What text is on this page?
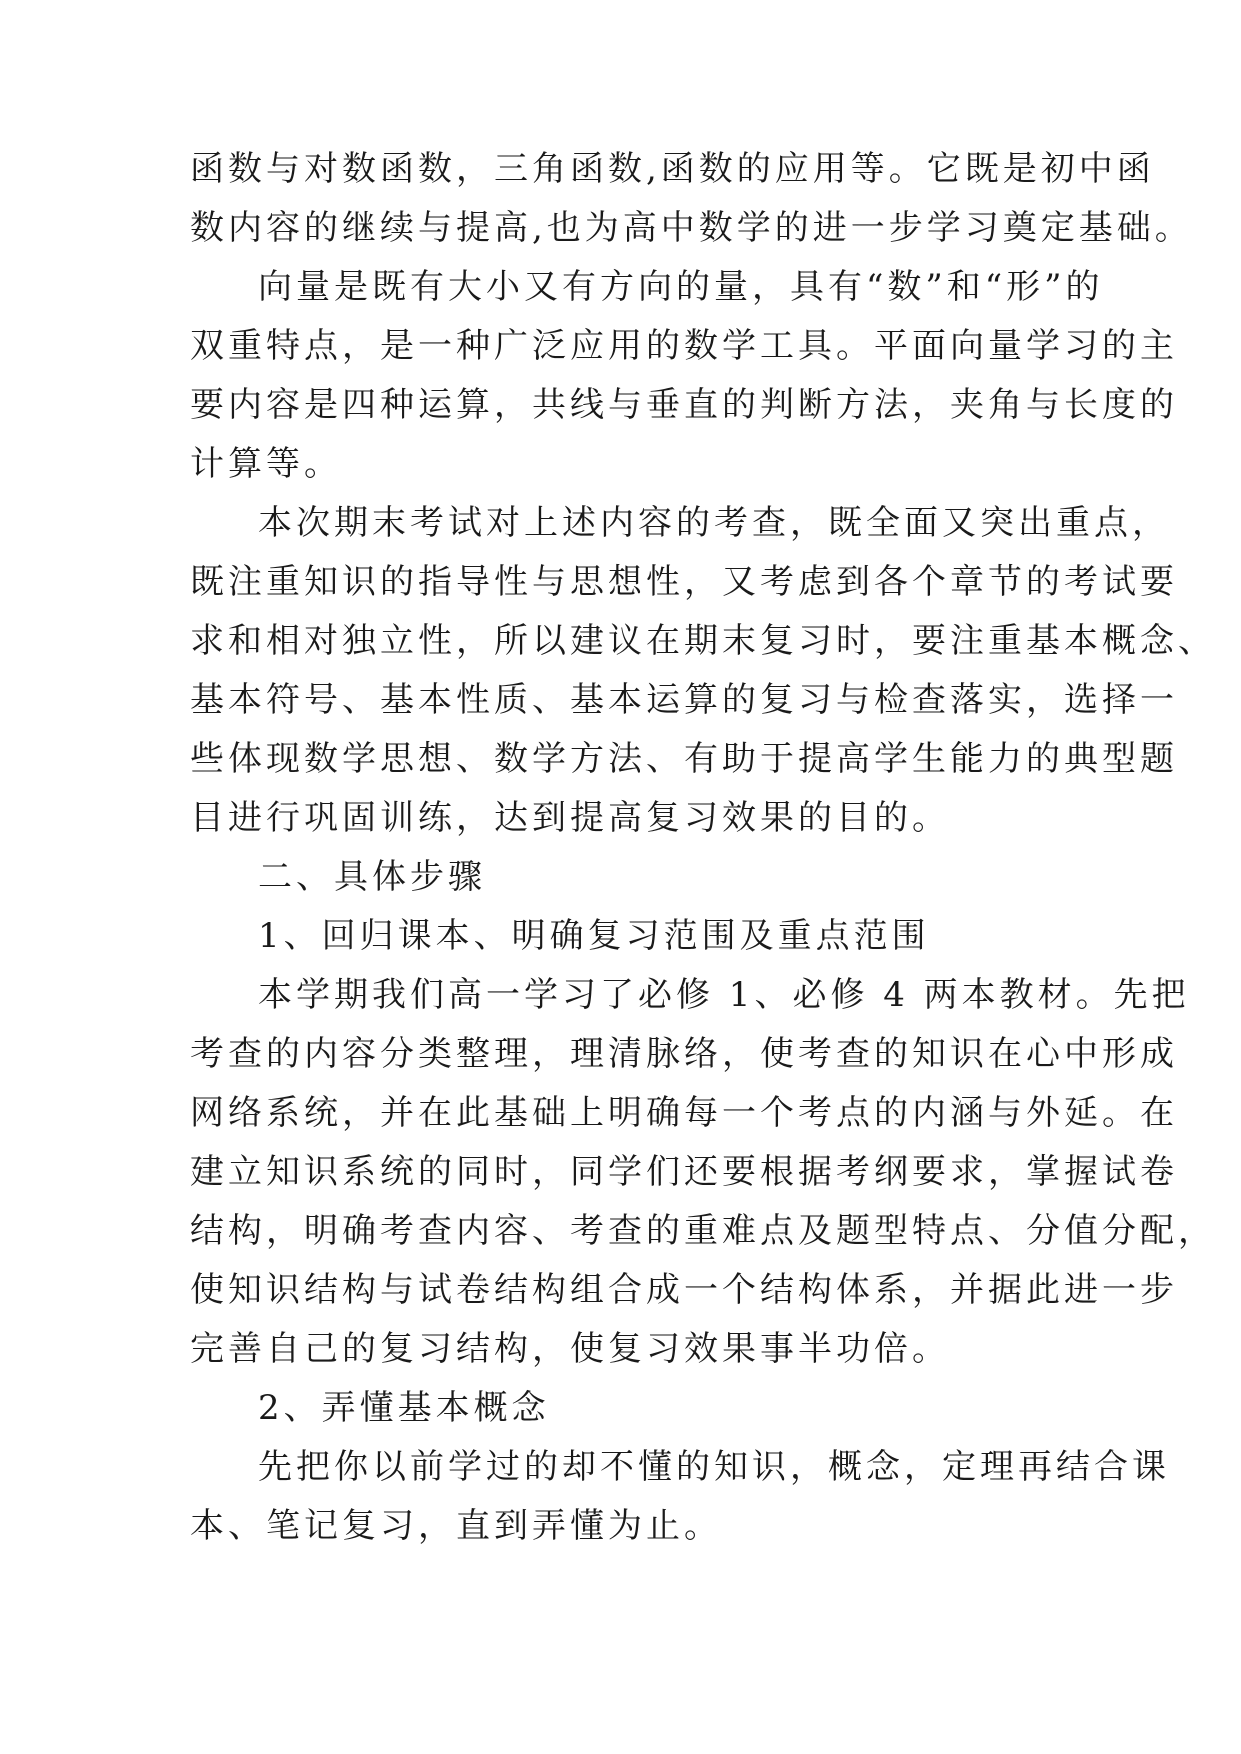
函数与对数函数，三角函数,函数的应用等。它既是初中函
数内容的继续与提高,也为高中数学的进一步学习奠定基础。
向量是既有大小又有方向的量，具有“数”和“形”的
双重特点，是一种广泛应用的数学工具。平面向量学习的主
要内容是四种运算，共线与垂直的判断方法，夹角与长度的
计算等。
本次期末考试对上述内容的考查，既全面又突出重点，
既注重知识的指导性与思想性，又考虑到各个章节的考试要
求和相对独立性，所以建议在期末复习时，要注重基本概念、
基本符号、基本性质、基本运算的复习与检查落实，选择一
些体现数学思想、数学方法、有助于提高学生能力的典型题
目进行巩固训练，达到提高复习效果的目的。
二、具体步骤
1、回归课本、明确复习范围及重点范围
本学期我们高一学习了必修 1、必修 4 两本教材。先把
考查的内容分类整理，理清脉络，使考查的知识在心中形成
网络系统，并在此基础上明确每一个考点的内涵与外延。在
建立知识系统的同时，同学们还要根据考纲要求，掌握试卷
结构，明确考查内容、考查的重难点及题型特点、分值分配，
使知识结构与试卷结构组合成一个结构体系，并据此进一步
完善自己的复习结构，使复习效果事半功倍。
2、弄懂基本概念
先把你以前学过的却不懂的知识，概念，定理再结合课
本、笔记复习，直到弄懂为止。
